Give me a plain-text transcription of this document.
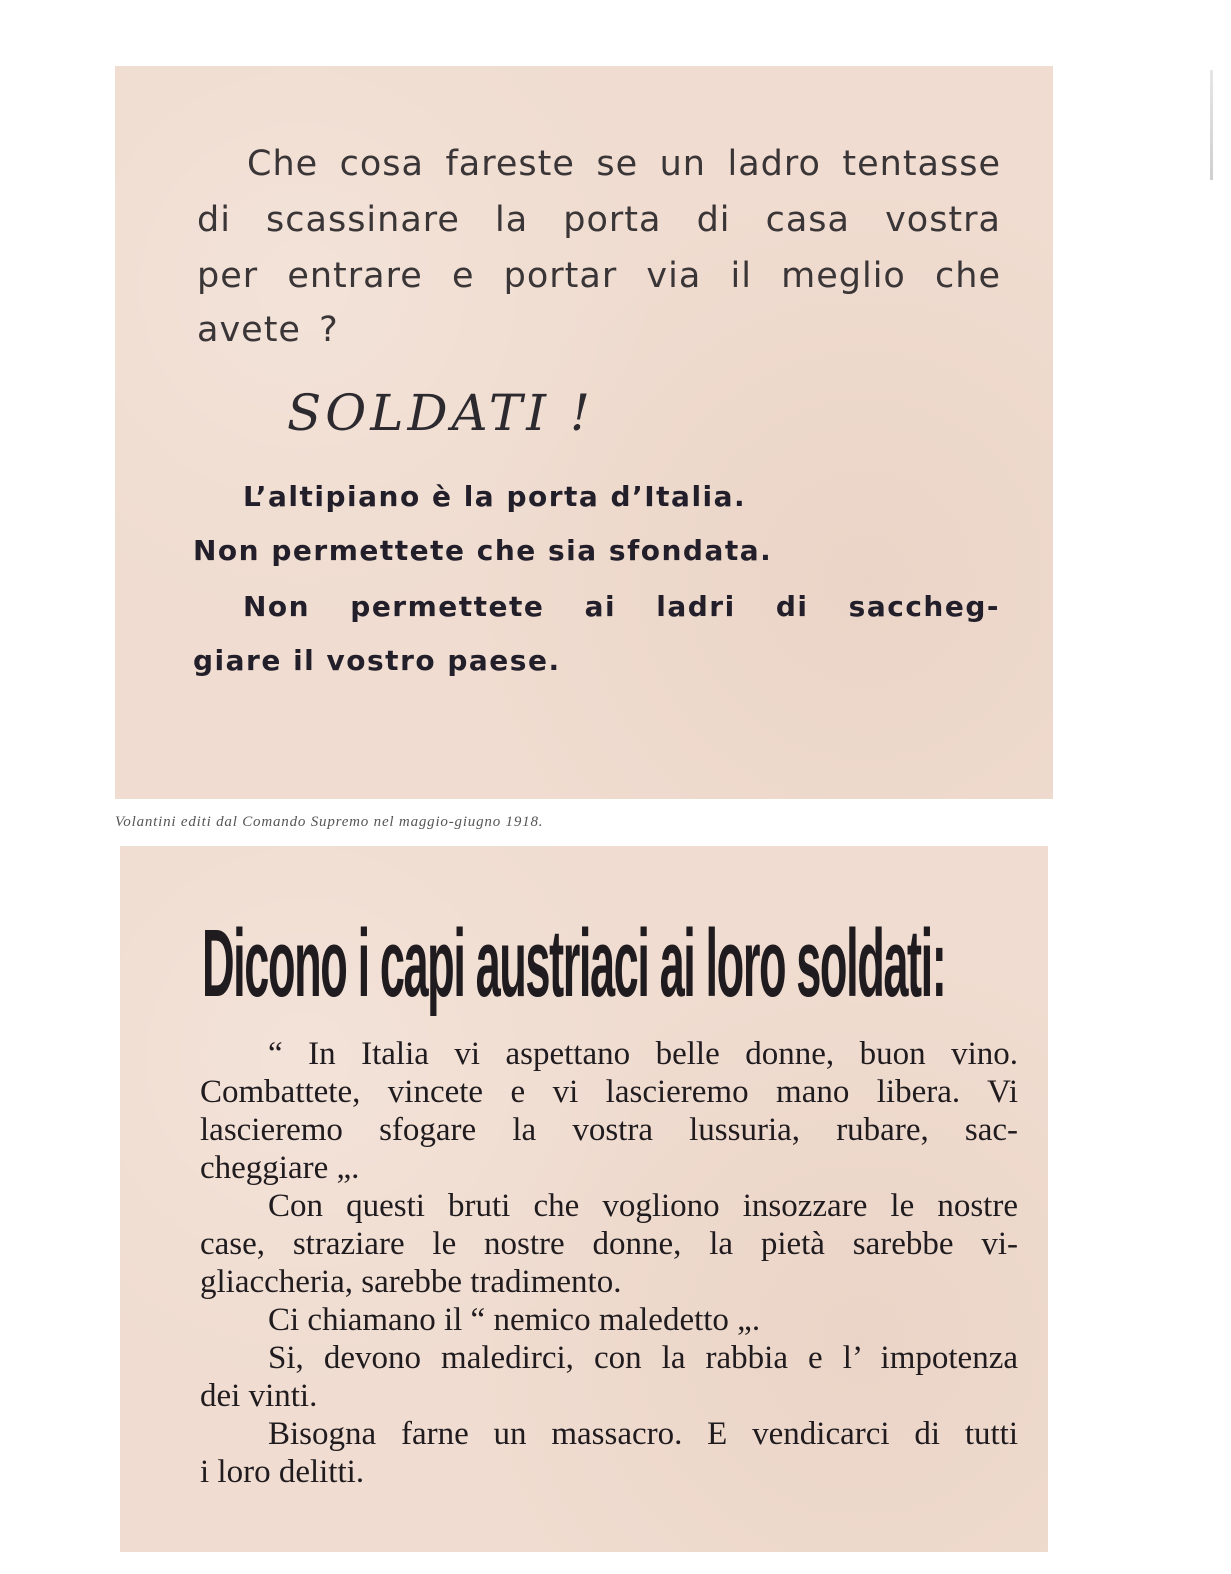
Che cosa fareste se un ladro tentasse
di scassinare la porta di casa vostra
per entrare e portar via il meglio che
avete ?
SOLDATI !
L’altipiano è la porta d’Italia.
Non permettete che sia sfondata.
Non permettete ai ladri di saccheg-
giare il vostro paese.
Volantini editi dal Comando Supremo nel maggio-giugno 1918.
Dicono i capi austriaci ai loro soldati:
“ In Italia vi aspettano belle donne, buon vino.
Combattete, vincete e vi lascieremo mano libera. Vi
lascieremo sfogare la vostra lussuria, rubare, sac-
cheggiare „.
Con questi bruti che vogliono insozzare le nostre
case, straziare le nostre donne, la pietà sarebbe vi-
gliaccheria, sarebbe tradimento.
Ci chiamano il “ nemico maledetto „.
Si, devono maledirci, con la rabbia e l’ impotenza
dei vinti.
Bisogna farne un massacro. E vendicarci di tutti
i loro delitti.
